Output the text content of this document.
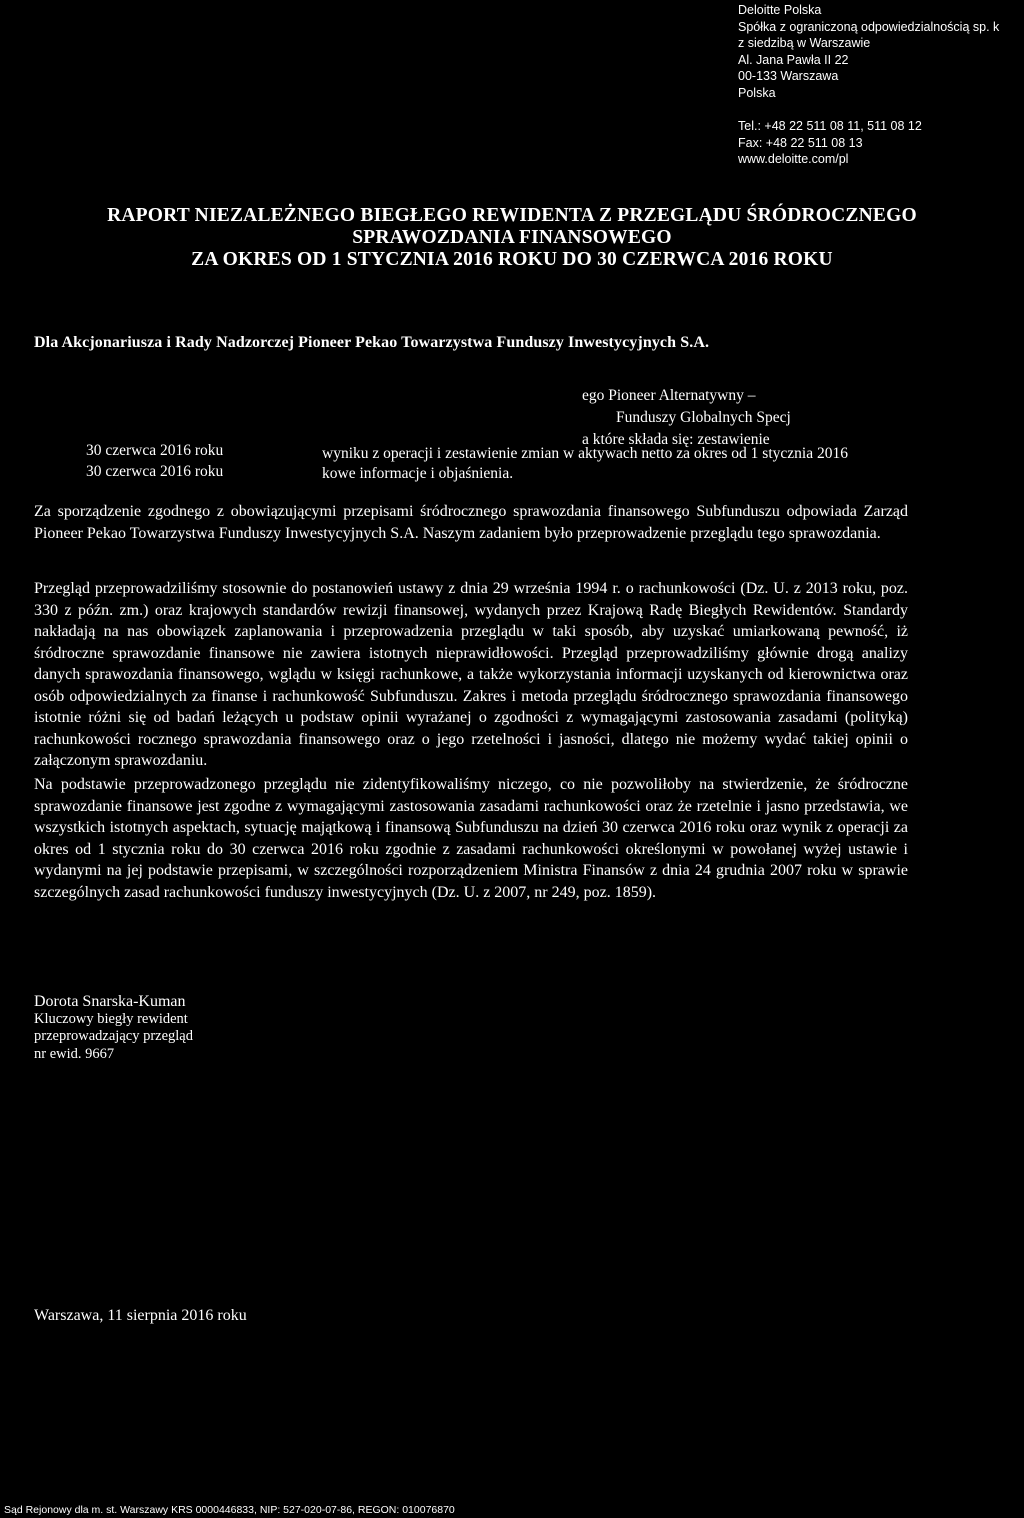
Deloitte Polska
Spółka z ograniczoną odpowiedzialnością sp. k
z siedzibą w Warszawie
Al. Jana Pawła II 22
00-133 Warszawa
Polska
Tel.: +48 22 511 08 11, 511 08 12
Fax: +48 22 511 08 13
www.deloitte.com/pl
RAPORT NIEZALEŻNEGO BIEGŁEGO REWIDENTA Z PRZEGLĄDU ŚRÓDROCZNEGO
SPRAWOZDANIA FINANSOWEGO
ZA OKRES OD 1 STYCZNIA 2016 ROKU DO 30 CZERWCA 2016 ROKU
Dla Akcjonariusza i Rady Nadzorczej Pioneer Pekao Towarzystwa Funduszy Inwestycyjnych S.A.
ego Pioneer Alternatywny –
Funduszy Globalnych Specj
a które składa się: zestawienie
30 czerwca 2016 roku	wyniku z operacji i zestawienie zmian w aktywach netto za okres od 1 stycznia 2016
30 czerwca 2016 roku	kowe informacje i objaśnienia.
Za sporządzenie zgodnego z obowiązującymi przepisami śródrocznego sprawozdania finansowego Subfunduszu odpowiada Zarząd Pioneer Pekao Towarzystwa Funduszy Inwestycyjnych S.A. Naszym zadaniem było przeprowadzenie przeglądu tego sprawozdania.
Przegląd przeprowadziliśmy stosownie do postanowień ustawy z dnia 29 września 1994 r. o rachunkowości (Dz. U. z 2013 roku, poz. 330 z późn. zm.) oraz krajowych standardów rewizji finansowej, wydanych przez Krajową Radę Biegłych Rewidentów. Standardy nakładają na nas obowiązek zaplanowania i przeprowadzenia przeglądu w taki sposób, aby uzyskać umiarkowaną pewność, iż śródroczne sprawozdanie finansowe nie zawiera istotnych nieprawidłowości. Przegląd przeprowadziliśmy głównie drogą analizy danych sprawozdania finansowego, wglądu w księgi rachunkowe, a także wykorzystania informacji uzyskanych od kierownictwa oraz osób odpowiedzialnych za finanse i rachunkowość Subfunduszu. Zakres i metoda przeglądu śródrocznego sprawozdania finansowego istotnie różni się od badań leżących u podstaw opinii wyrażanej o zgodności z wymagającymi zastosowania zasadami (polityką) rachunkowości rocznego sprawozdania finansowego oraz o jego rzetelności i jasności, dlatego nie możemy wydać takiej opinii o załączonym sprawozdaniu.
Na podstawie przeprowadzonego przeglądu nie zidentyfikowaliśmy niczego, co nie pozwoliłoby na stwierdzenie, że śródroczne sprawozdanie finansowe jest zgodne z wymagającymi zastosowania zasadami rachunkowości oraz że rzetelnie i jasno przedstawia, we wszystkich istotnych aspektach, sytuację majątkową i finansową Subfunduszu na dzień 30 czerwca 2016 roku oraz wynik z operacji za okres od 1 stycznia roku do 30 czerwca 2016 roku zgodnie z zasadami rachunkowości określonymi w powołanej wyżej ustawie i wydanymi na jej podstawie przepisami, w szczególności rozporządzeniem Ministra Finansów z dnia 24 grudnia 2007 roku w sprawie szczególnych zasad rachunkowości funduszy inwestycyjnych (Dz. U. z 2007, nr 249, poz. 1859).
Dorota Snarska-Kuman
Kluczowy biegły rewident
przeprowadzający przegląd
nr ewid. 9667
Warszawa, 11 sierpnia 2016 roku
Sąd Rejonowy dla m. st. Warszawy KRS 0000446833, NIP: 527-020-07-86, REGON: 010076870
